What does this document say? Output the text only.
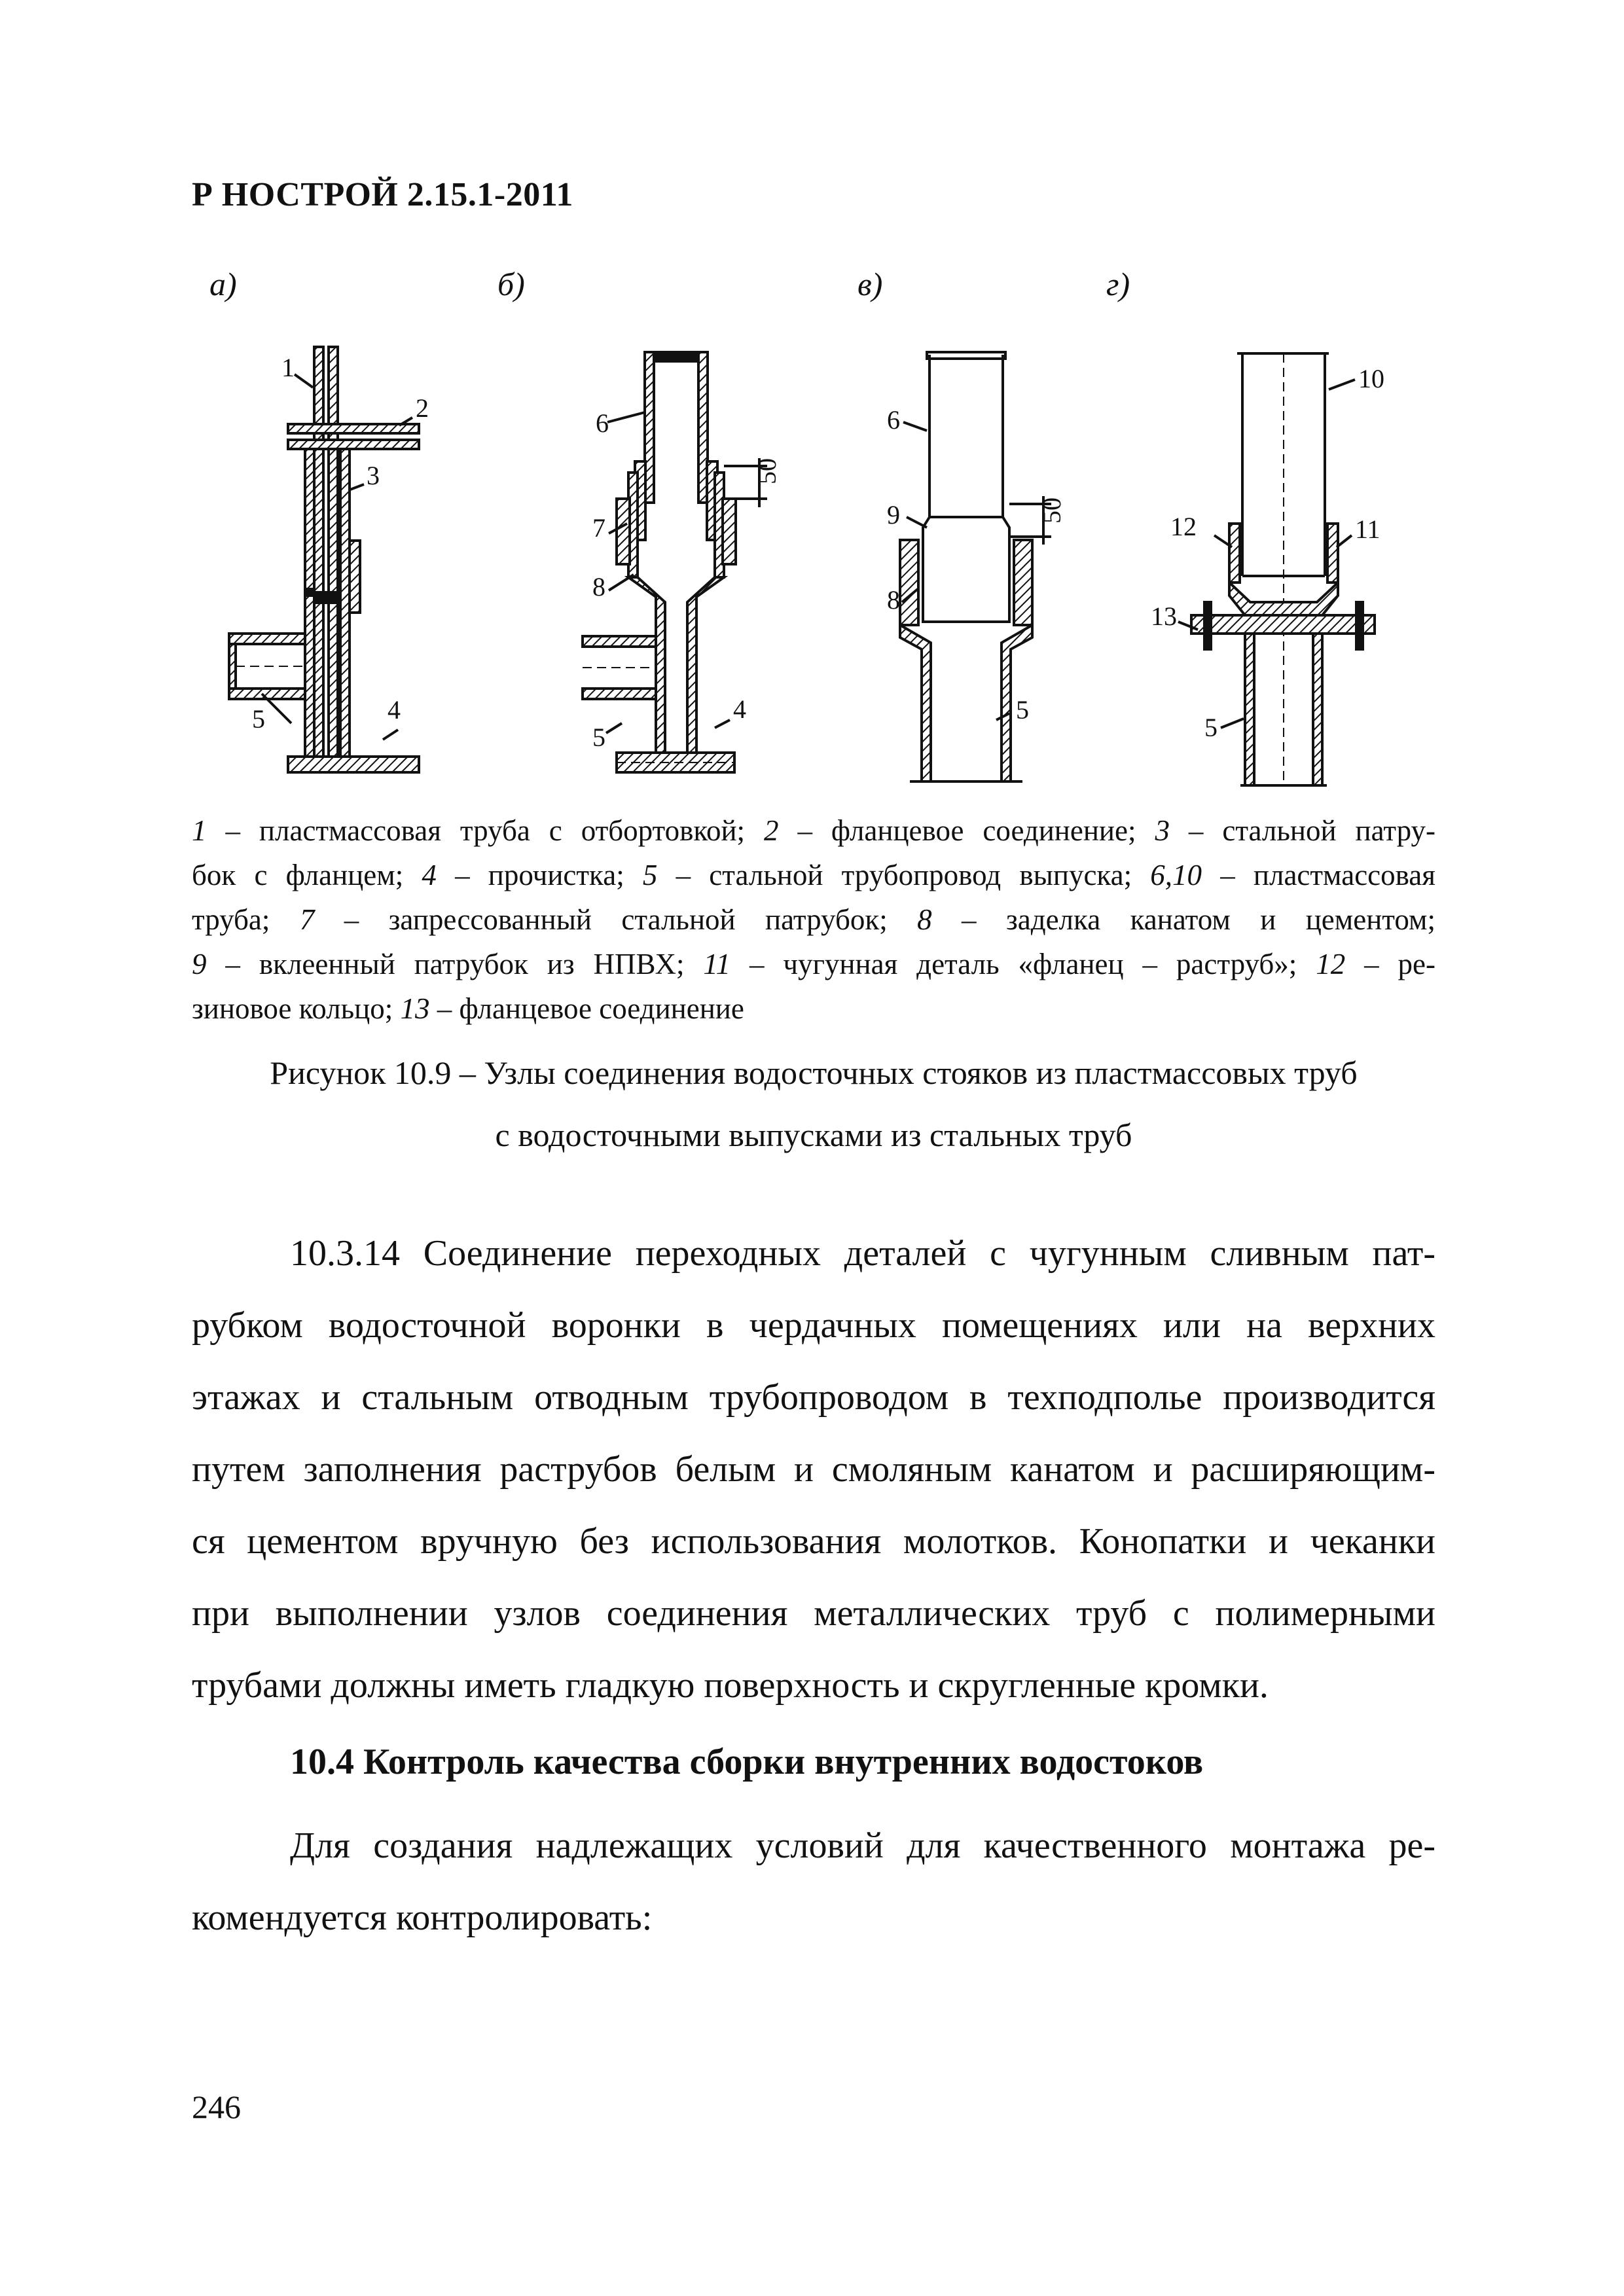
Р НОСТРОЙ 2.15.1-2011
а)	б)	в)	г)
1
2
3
4
5
6
7
8
5
4
50
6
9
8
5
50
10
12	11
13
5
1 – пластмассовая труба с отбортовкой; 2 – фланцевое соединение; 3 – стальной патру-
бок с фланцем; 4 – прочистка; 5 – стальной трубопровод выпуска; 6,10 – пластмассовая
труба; 7 – запрессованный стальной патрубок; 8 – заделка канатом и цементом;
9 – вклеенный патрубок из НПВХ; 11 – чугунная деталь «фланец – раструб»; 12 – ре-
зиновое кольцо; 13 – фланцевое соединение
Рисунок 10.9 – Узлы соединения водосточных стояков из пластмассовых труб
с водосточными выпусками из стальных труб
10.3.14 Соединение переходных деталей с чугунным сливным пат-
рубком водосточной воронки в чердачных помещениях или на верхних
этажах и стальным отводным трубопроводом в техподполье производится
путем заполнения раструбов белым и смоляным канатом и расширяющим-
ся цементом вручную без использования молотков. Конопатки и чеканки
при выполнении узлов соединения металлических труб с полимерными
трубами должны иметь гладкую поверхность и скругленные кромки.
10.4 Контроль качества сборки внутренних водостоков
Для создания надлежащих условий для качественного монтажа ре-
комендуется контролировать:
246
